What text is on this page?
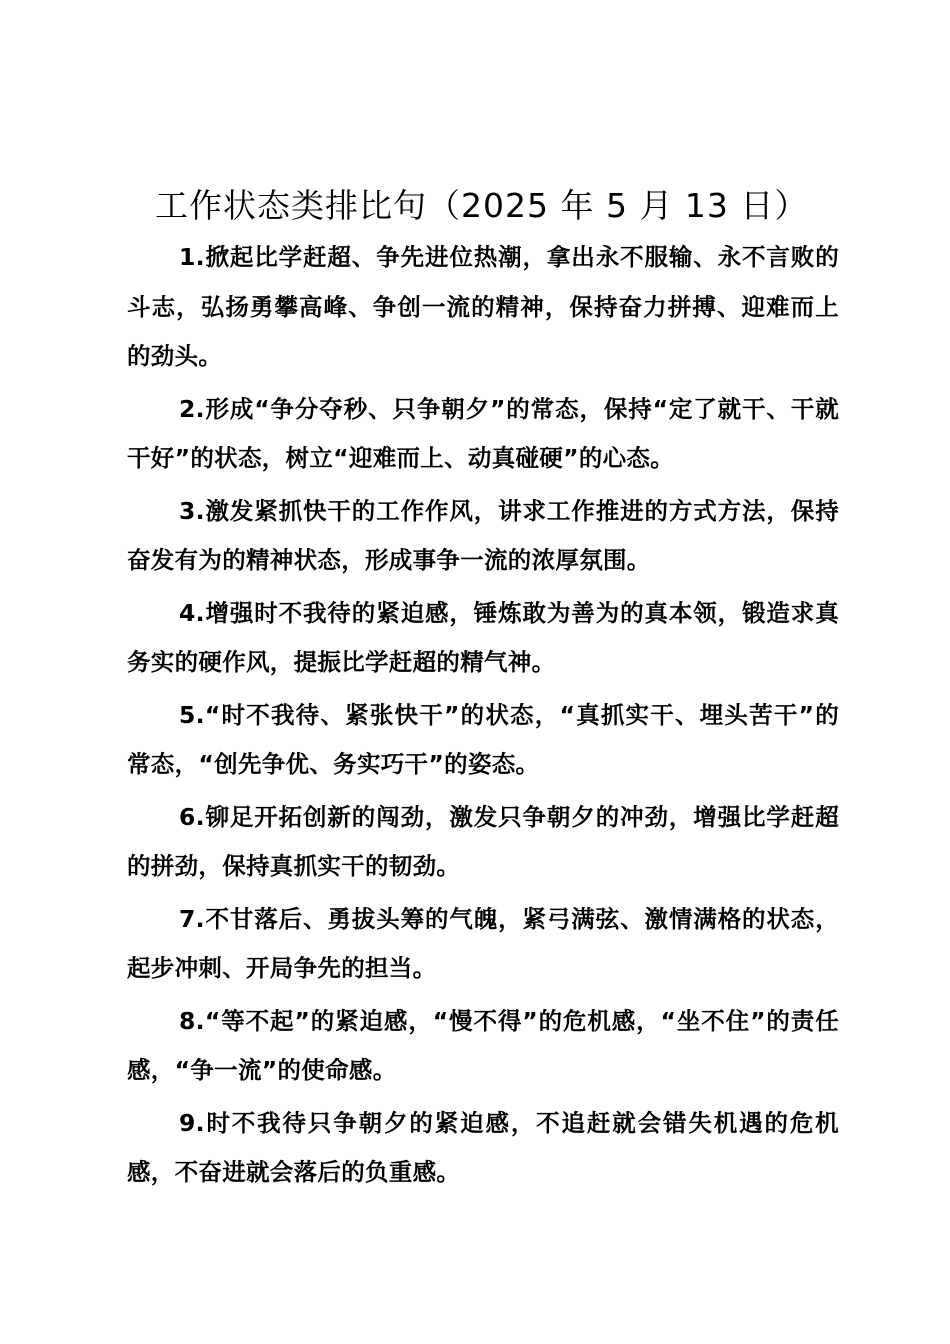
工作状态类排比句（2025 年 5 月 13 日）

1.掀起比学赶超、争先进位热潮，拿出永不服输、永不言败的斗志，弘扬勇攀高峰、争创一流的精神，保持奋力拼搏、迎难而上的劲头。

2.形成“争分夺秒、只争朝夕”的常态，保持“定了就干、干就干好”的状态，树立“迎难而上、动真碰硬”的心态。

3.激发紧抓快干的工作作风，讲求工作推进的方式方法，保持奋发有为的精神状态，形成事争一流的浓厚氛围。

4.增强时不我待的紧迫感，锤炼敢为善为的真本领，锻造求真务实的硬作风，提振比学赶超的精气神。

5.“时不我待、紧张快干”的状态，“真抓实干、埋头苦干”的常态，“创先争优、务实巧干”的姿态。

6.铆足开拓创新的闯劲，激发只争朝夕的冲劲，增强比学赶超的拼劲，保持真抓实干的韧劲。

7.不甘落后、勇拔头筹的气魄，紧弓满弦、激情满格的状态，起步冲刺、开局争先的担当。

8.“等不起”的紧迫感，“慢不得”的危机感，“坐不住”的责任感，“争一流”的使命感。

9.时不我待只争朝夕的紧迫感，不追赶就会错失机遇的危机感，不奋进就会落后的负重感。
